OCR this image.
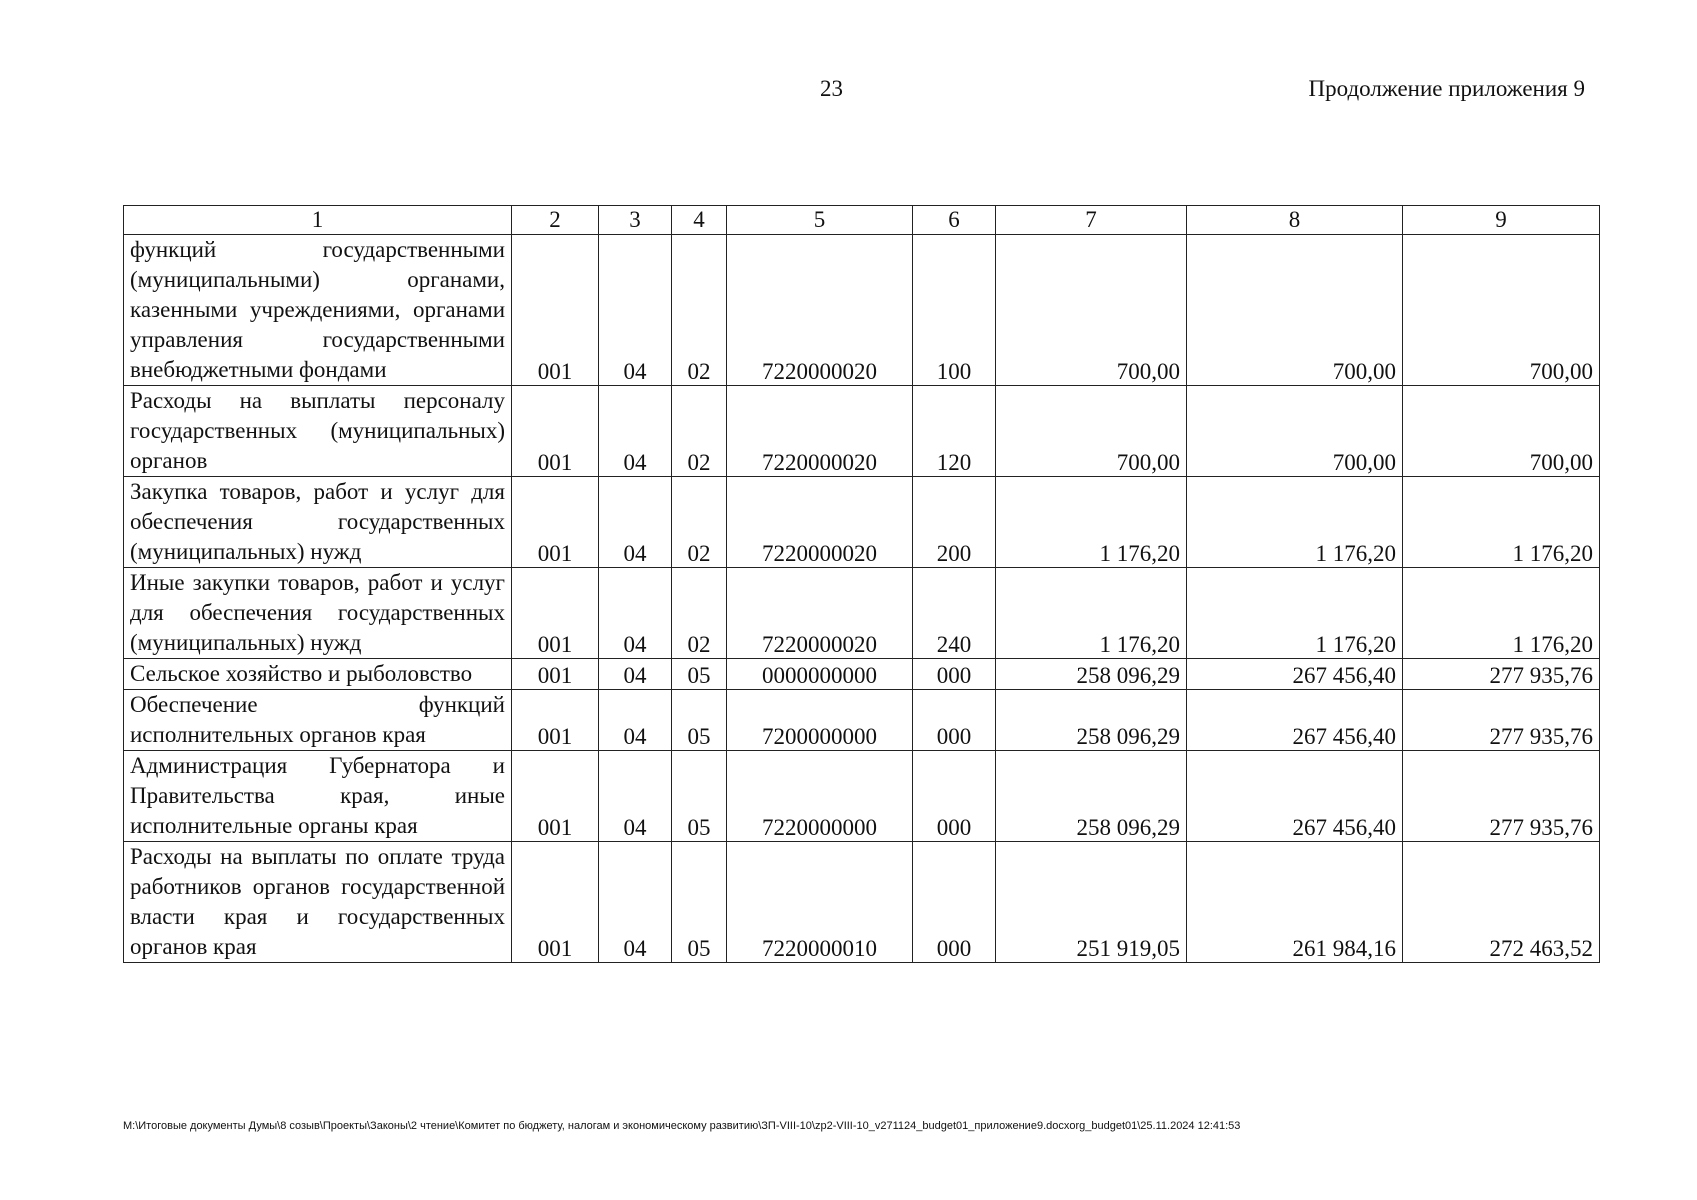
23	Продолжение приложения 9
1	2	3	4	5	6	7	8	9
функций государственными (муниципальными) органами, казенными учреждениями, органами управления государственными внебюджетными фондами	001	04	02	7220000020	100	700,00	700,00	700,00
Расходы на выплаты персоналу государственных (муниципальных) органов	001	04	02	7220000020	120	700,00	700,00	700,00
Закупка товаров, работ и услуг для обеспечения государственных (муниципальных) нужд	001	04	02	7220000020	200	1 176,20	1 176,20	1 176,20
Иные закупки товаров, работ и услуг для обеспечения государственных (муниципальных) нужд	001	04	02	7220000020	240	1 176,20	1 176,20	1 176,20
Сельское хозяйство и рыболовство	001	04	05	0000000000	000	258 096,29	267 456,40	277 935,76
Обеспечение функций исполнительных органов края	001	04	05	7200000000	000	258 096,29	267 456,40	277 935,76
Администрация Губернатора и Правительства края, иные исполнительные органы края	001	04	05	7220000000	000	258 096,29	267 456,40	277 935,76
Расходы на выплаты по оплате труда работников органов государственной власти края и государственных органов края	001	04	05	7220000010	000	251 919,05	261 984,16	272 463,52
M:\Итоговые документы Думы\8 созыв\Проекты\Законы\2 чтение\Комитет по бюджету, налогам и экономическому развитию\ЗП-VIII-10\zp2-VIII-10_v271124_budget01_приложение9.docxorg_budget01\25.11.2024 12:41:53
